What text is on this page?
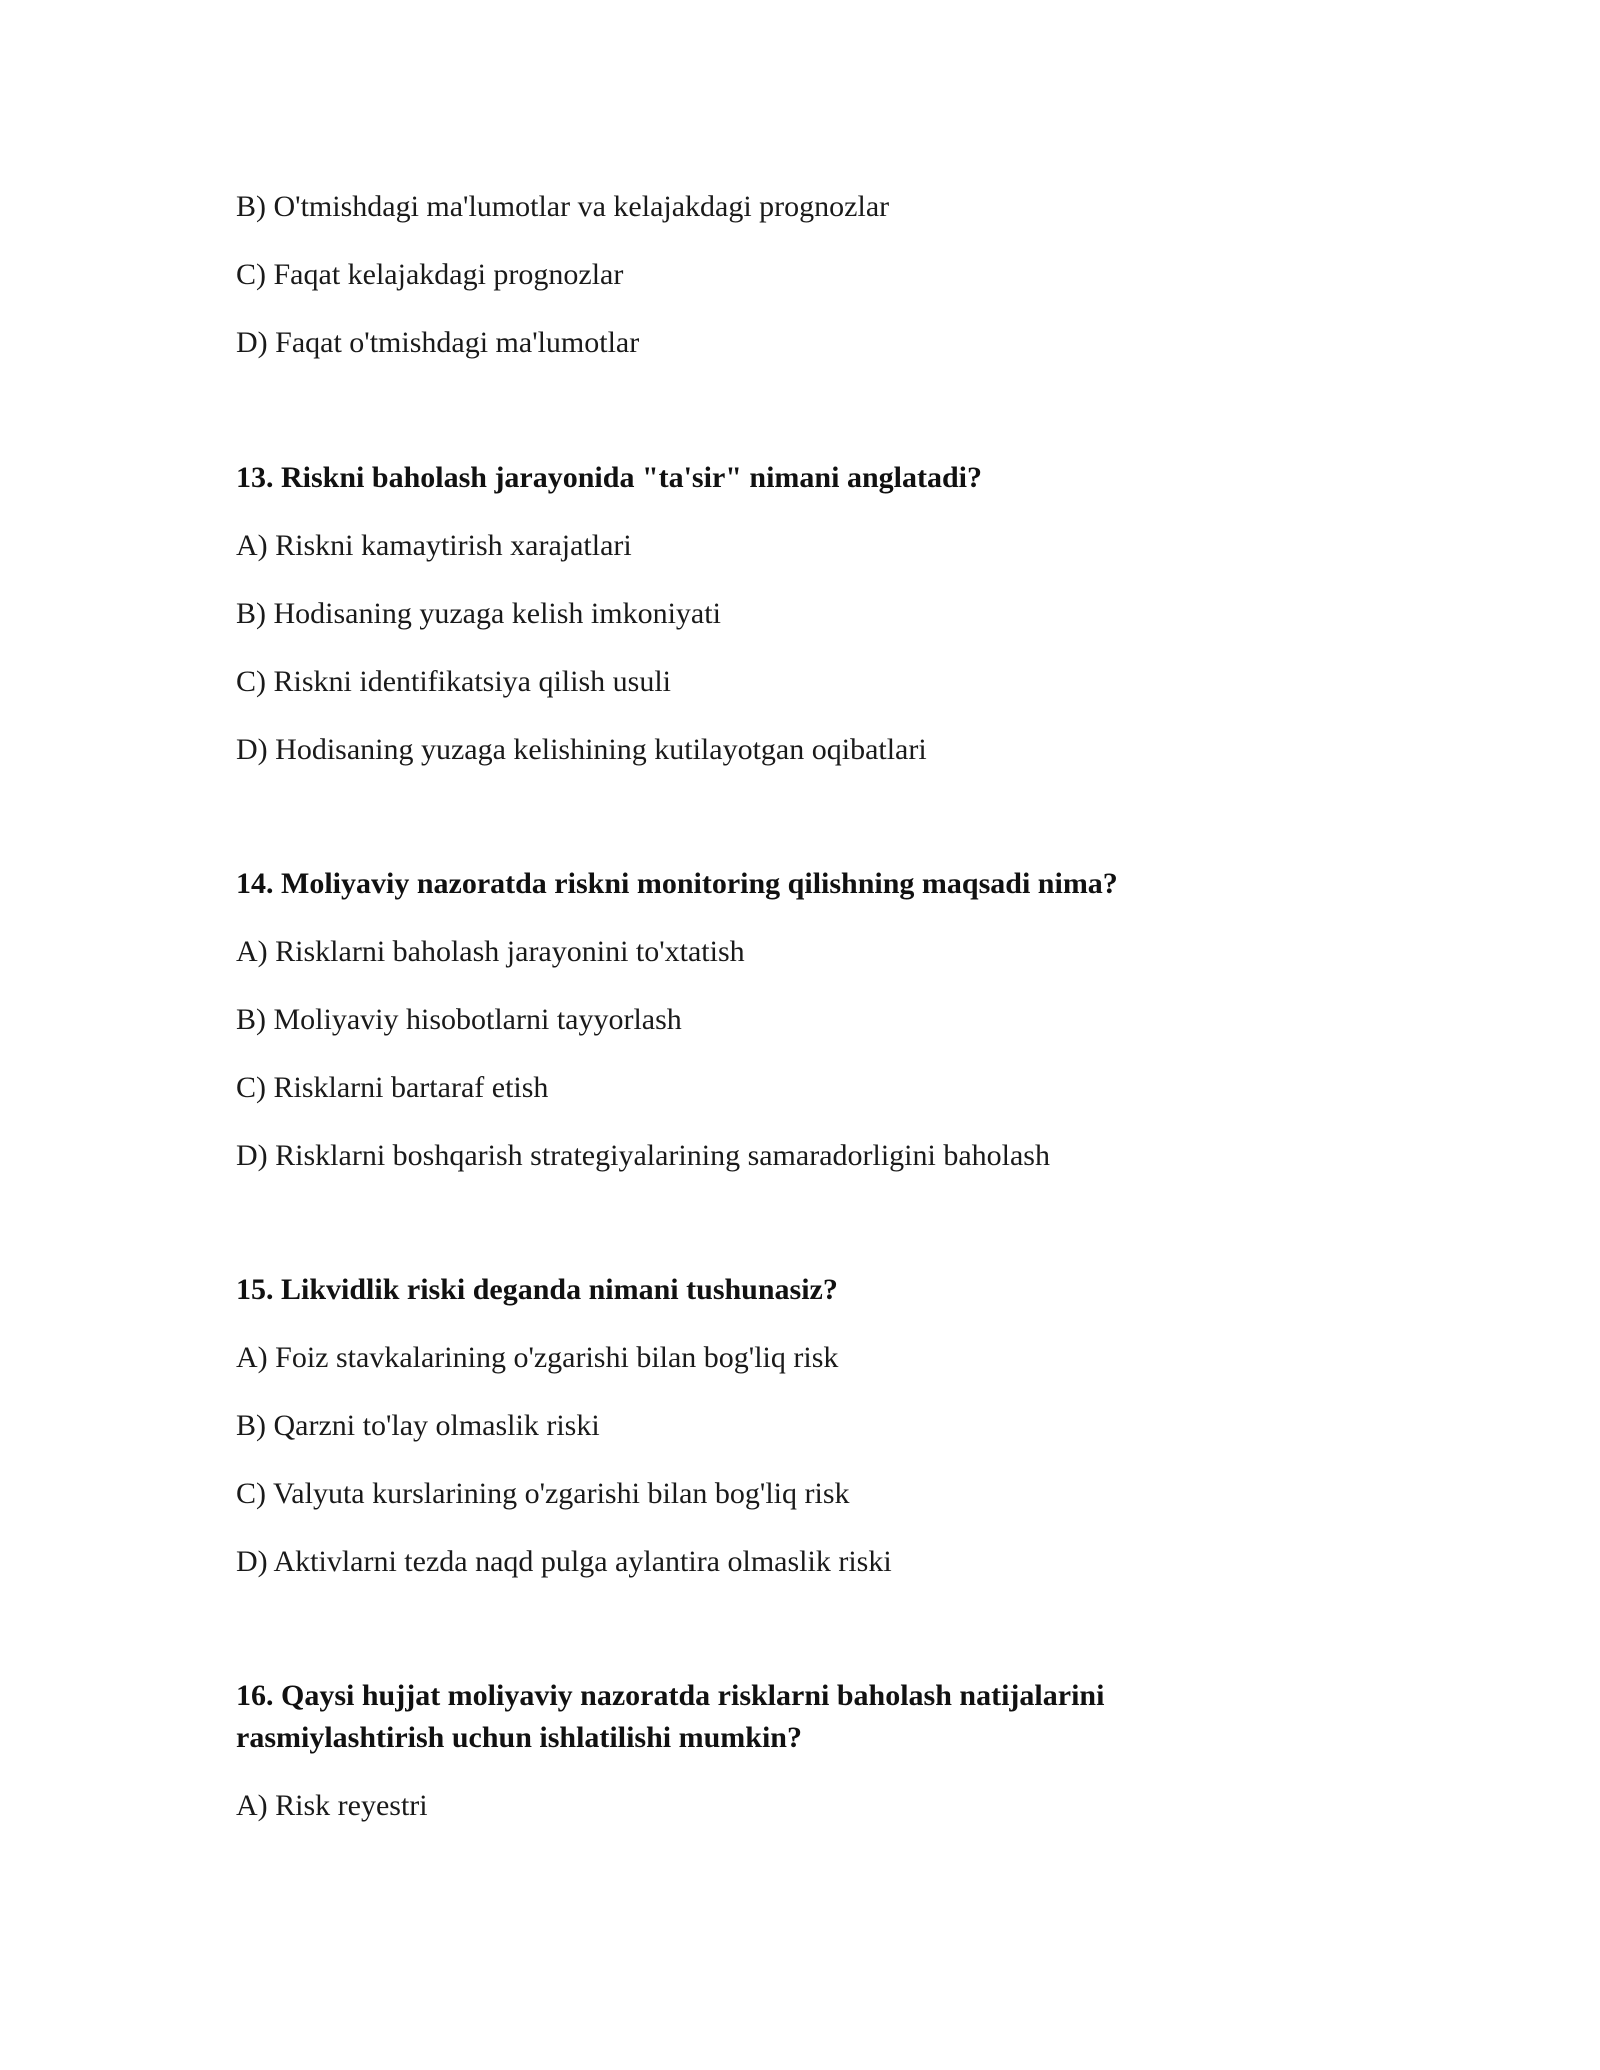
B) O'tmishdagi ma'lumotlar va kelajakdagi prognozlar
C) Faqat kelajakdagi prognozlar
D) Faqat o'tmishdagi ma'lumotlar
13. Riskni baholash jarayonida "ta'sir" nimani anglatadi?
A) Riskni kamaytirish xarajatlari
B) Hodisaning yuzaga kelish imkoniyati
C) Riskni identifikatsiya qilish usuli
D) Hodisaning yuzaga kelishining kutilayotgan oqibatlari
14. Moliyaviy nazoratda riskni monitoring qilishning maqsadi nima?
A) Risklarni baholash jarayonini to'xtatish
B) Moliyaviy hisobotlarni tayyorlash
C) Risklarni bartaraf etish
D) Risklarni boshqarish strategiyalarining samaradorligini baholash
15. Likvidlik riski deganda nimani tushunasiz?
A) Foiz stavkalarining o'zgarishi bilan bog'liq risk
B) Qarzni to'lay olmaslik riski
C) Valyuta kurslarining o'zgarishi bilan bog'liq risk
D) Aktivlarni tezda naqd pulga aylantira olmaslik riski
16. Qaysi hujjat moliyaviy nazoratda risklarni baholash natijalarini
rasmiylashtirish uchun ishlatilishi mumkin?
A) Risk reyestri
